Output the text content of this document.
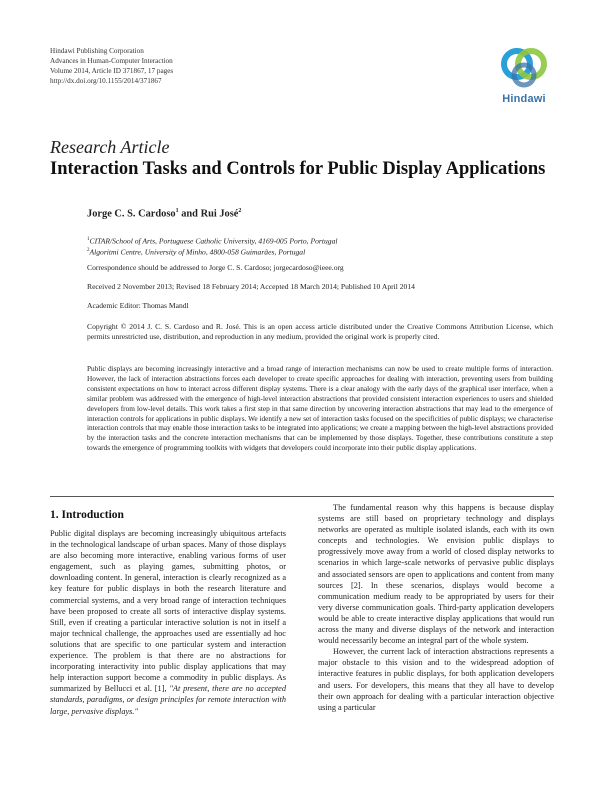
Hindawi Publishing Corporation
Advances in Human-Computer Interaction
Volume 2014, Article ID 371867, 17 pages
http://dx.doi.org/10.1155/2014/371867
Hindawi
Research Article
Interaction Tasks and Controls for Public Display Applications
Jorge C. S. Cardoso$^1$ and Rui José$^2$
$^1$CITAR/School of Arts, Portuguese Catholic University, 4169-005 Porto, Portugal
$^2$Algoritmi Centre, University of Minho, 4800-058 Guimarães, Portugal
Correspondence should be addressed to Jorge C. S. Cardoso; jorgecardoso@ieee.org
Received 2 November 2013; Revised 18 February 2014; Accepted 18 March 2014; Published 10 April 2014
Academic Editor: Thomas Mandl
Copyright © 2014 J. C. S. Cardoso and R. José. This is an open access article distributed under the Creative Commons Attribution License, which permits unrestricted use, distribution, and reproduction in any medium, provided the original work is properly cited.
Public displays are becoming increasingly interactive and a broad range of interaction mechanisms can now be used to create multiple forms of interaction. However, the lack of interaction abstractions forces each developer to create specific approaches for dealing with interaction, preventing users from building consistent expectations on how to interact across different display systems. There is a clear analogy with the early days of the graphical user interface, when a similar problem was addressed with the emergence of high-level interaction abstractions that provided consistent interaction experiences to users and shielded developers from low-level details. This work takes a first step in that same direction by uncovering interaction abstractions that may lead to the emergence of interaction controls for applications in public displays. We identify a new set of interaction tasks focused on the specificities of public displays; we characterise interaction controls that may enable those interaction tasks to be integrated into applications; we create a mapping between the high-level abstractions provided by the interaction tasks and the concrete interaction mechanisms that can be implemented by those displays. Together, these contributions constitute a step towards the emergence of programming toolkits with widgets that developers could incorporate into their public display applications.
1. Introduction

Public digital displays are becoming increasingly ubiquitous artefacts in the technological landscape of urban spaces. Many of those displays are also becoming more interactive, enabling various forms of user engagement, such as playing games, submitting photos, or downloading content. In general, interaction is clearly recognized as a key feature for public displays in both the research literature and commercial systems, and a very broad range of interaction techniques have been proposed to create all sorts of interactive display systems. Still, even if creating a particular interactive solution is not in itself a major technical challenge, the approaches used are essentially ad hoc solutions that are specific to one particular system and interaction experience. The problem is that there are no abstractions for incorporating interactivity into public display applications that may help interaction support become a commodity in public displays. As summarized by Bellucci et al. [1], "At present, there are no accepted standards, paradigms, or design principles for remote interaction with large, pervasive displays."

The fundamental reason why this happens is because display systems are still based on proprietary technology and displays networks are operated as multiple isolated islands, each with its own concepts and technologies. We envision public displays to progressively move away from a world of closed display networks to scenarios in which large-scale networks of pervasive public displays and associated sensors are open to applications and content from many sources [2]. In these scenarios, displays would become a communication medium ready to be appropriated by users for their very diverse communication goals. Third-party application developers would be able to create interactive display applications that would run across the many and diverse displays of the network and interaction would necessarily become an integral part of the whole system.

However, the current lack of interaction abstractions represents a major obstacle to this vision and to the widespread adoption of interactive features in public displays, for both application developers and users. For developers, this means that they all have to develop their own approach for dealing with a particular interaction objective using a particular
